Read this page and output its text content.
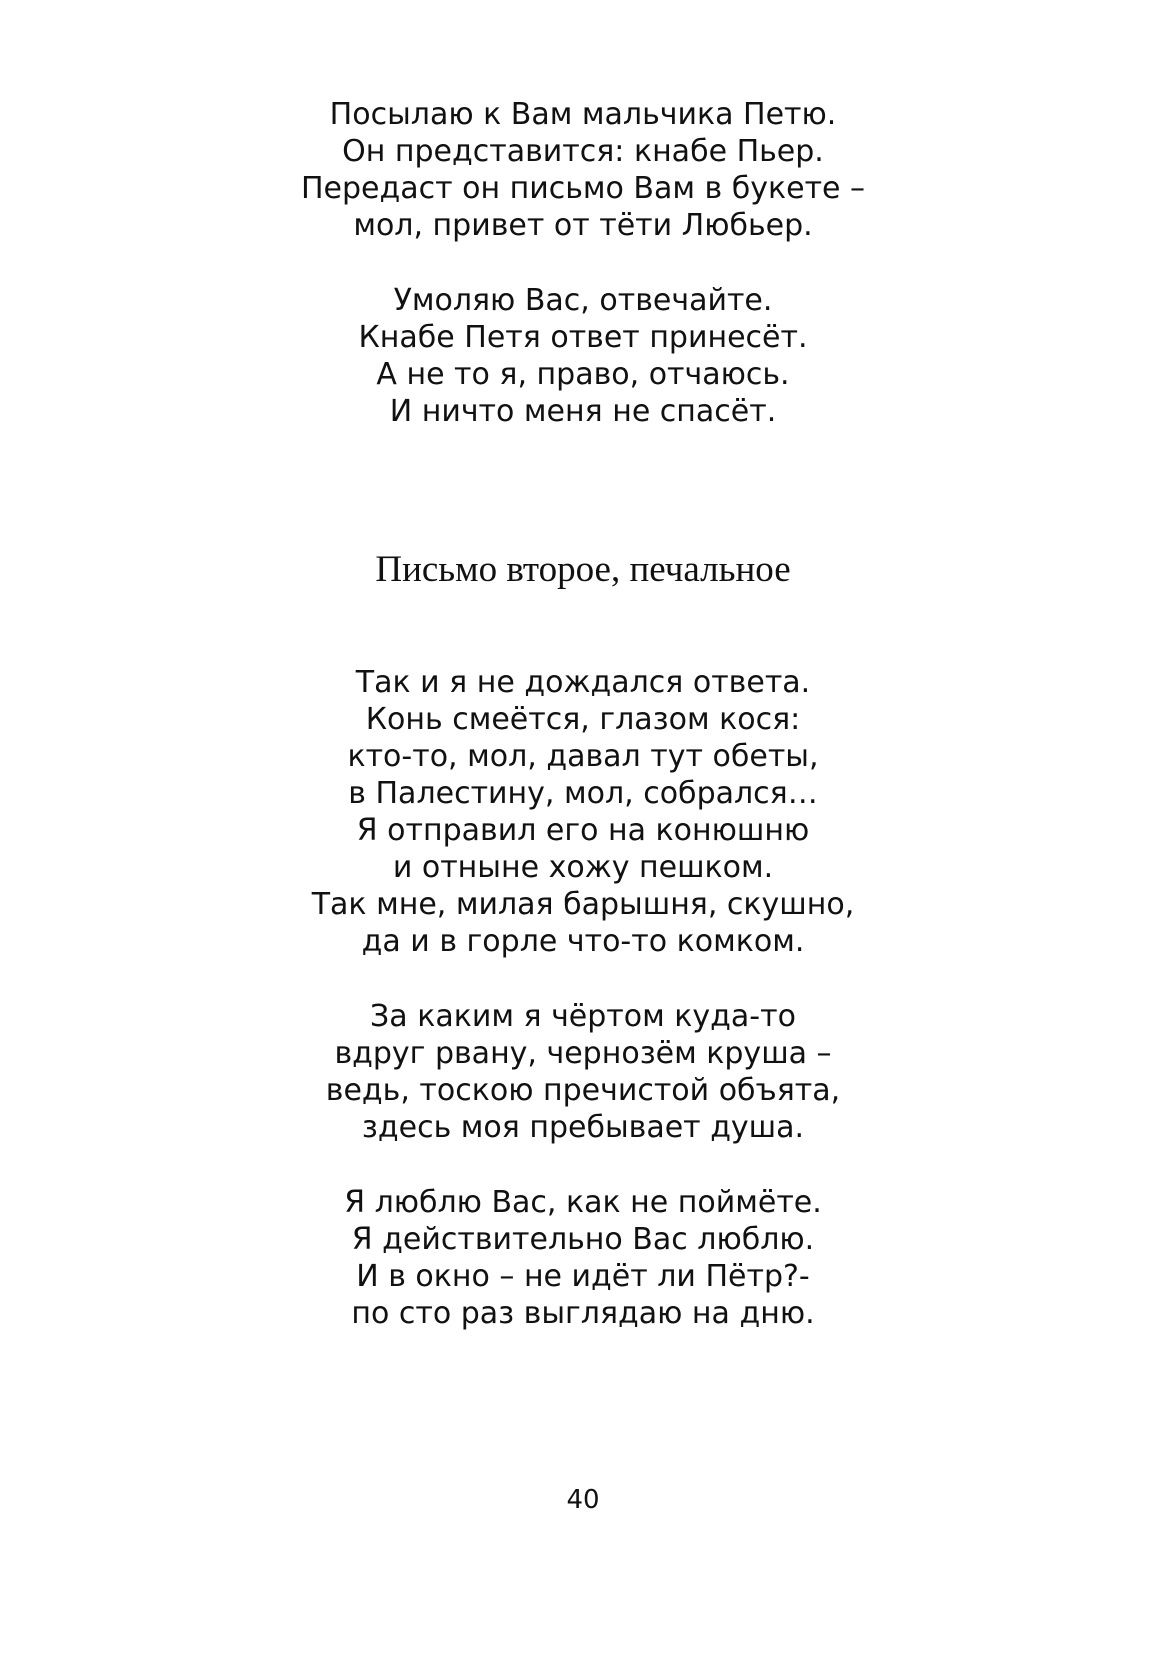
Посылаю к Вам мальчика Петю.
Он представится: кнабе Пьер.
Передаст он письмо Вам в букете –
мол, привет от тёти Любьер.
Умоляю Вас, отвечайте.
Кнабе Петя ответ принесёт.
А не то я, право, отчаюсь.
И ничто меня не спасёт.
Письмо второе, печальное
Так и я не дождался ответа.
Конь смеётся, глазом кося:
кто-то, мол, давал тут обеты,
в Палестину, мол, собрался…
Я отправил его на конюшню
и отныне хожу пешком.
Так мне, милая барышня, скушно,
да и в горле что-то комком.
За каким я чёртом куда-то
вдруг рвану, чернозём круша –
ведь, тоскою пречистой объята,
здесь моя пребывает душа.
Я люблю Вас, как не поймёте.
Я действительно Вас люблю.
И в окно – не идёт ли Пётр?-
по сто раз выглядаю на дню.
40
